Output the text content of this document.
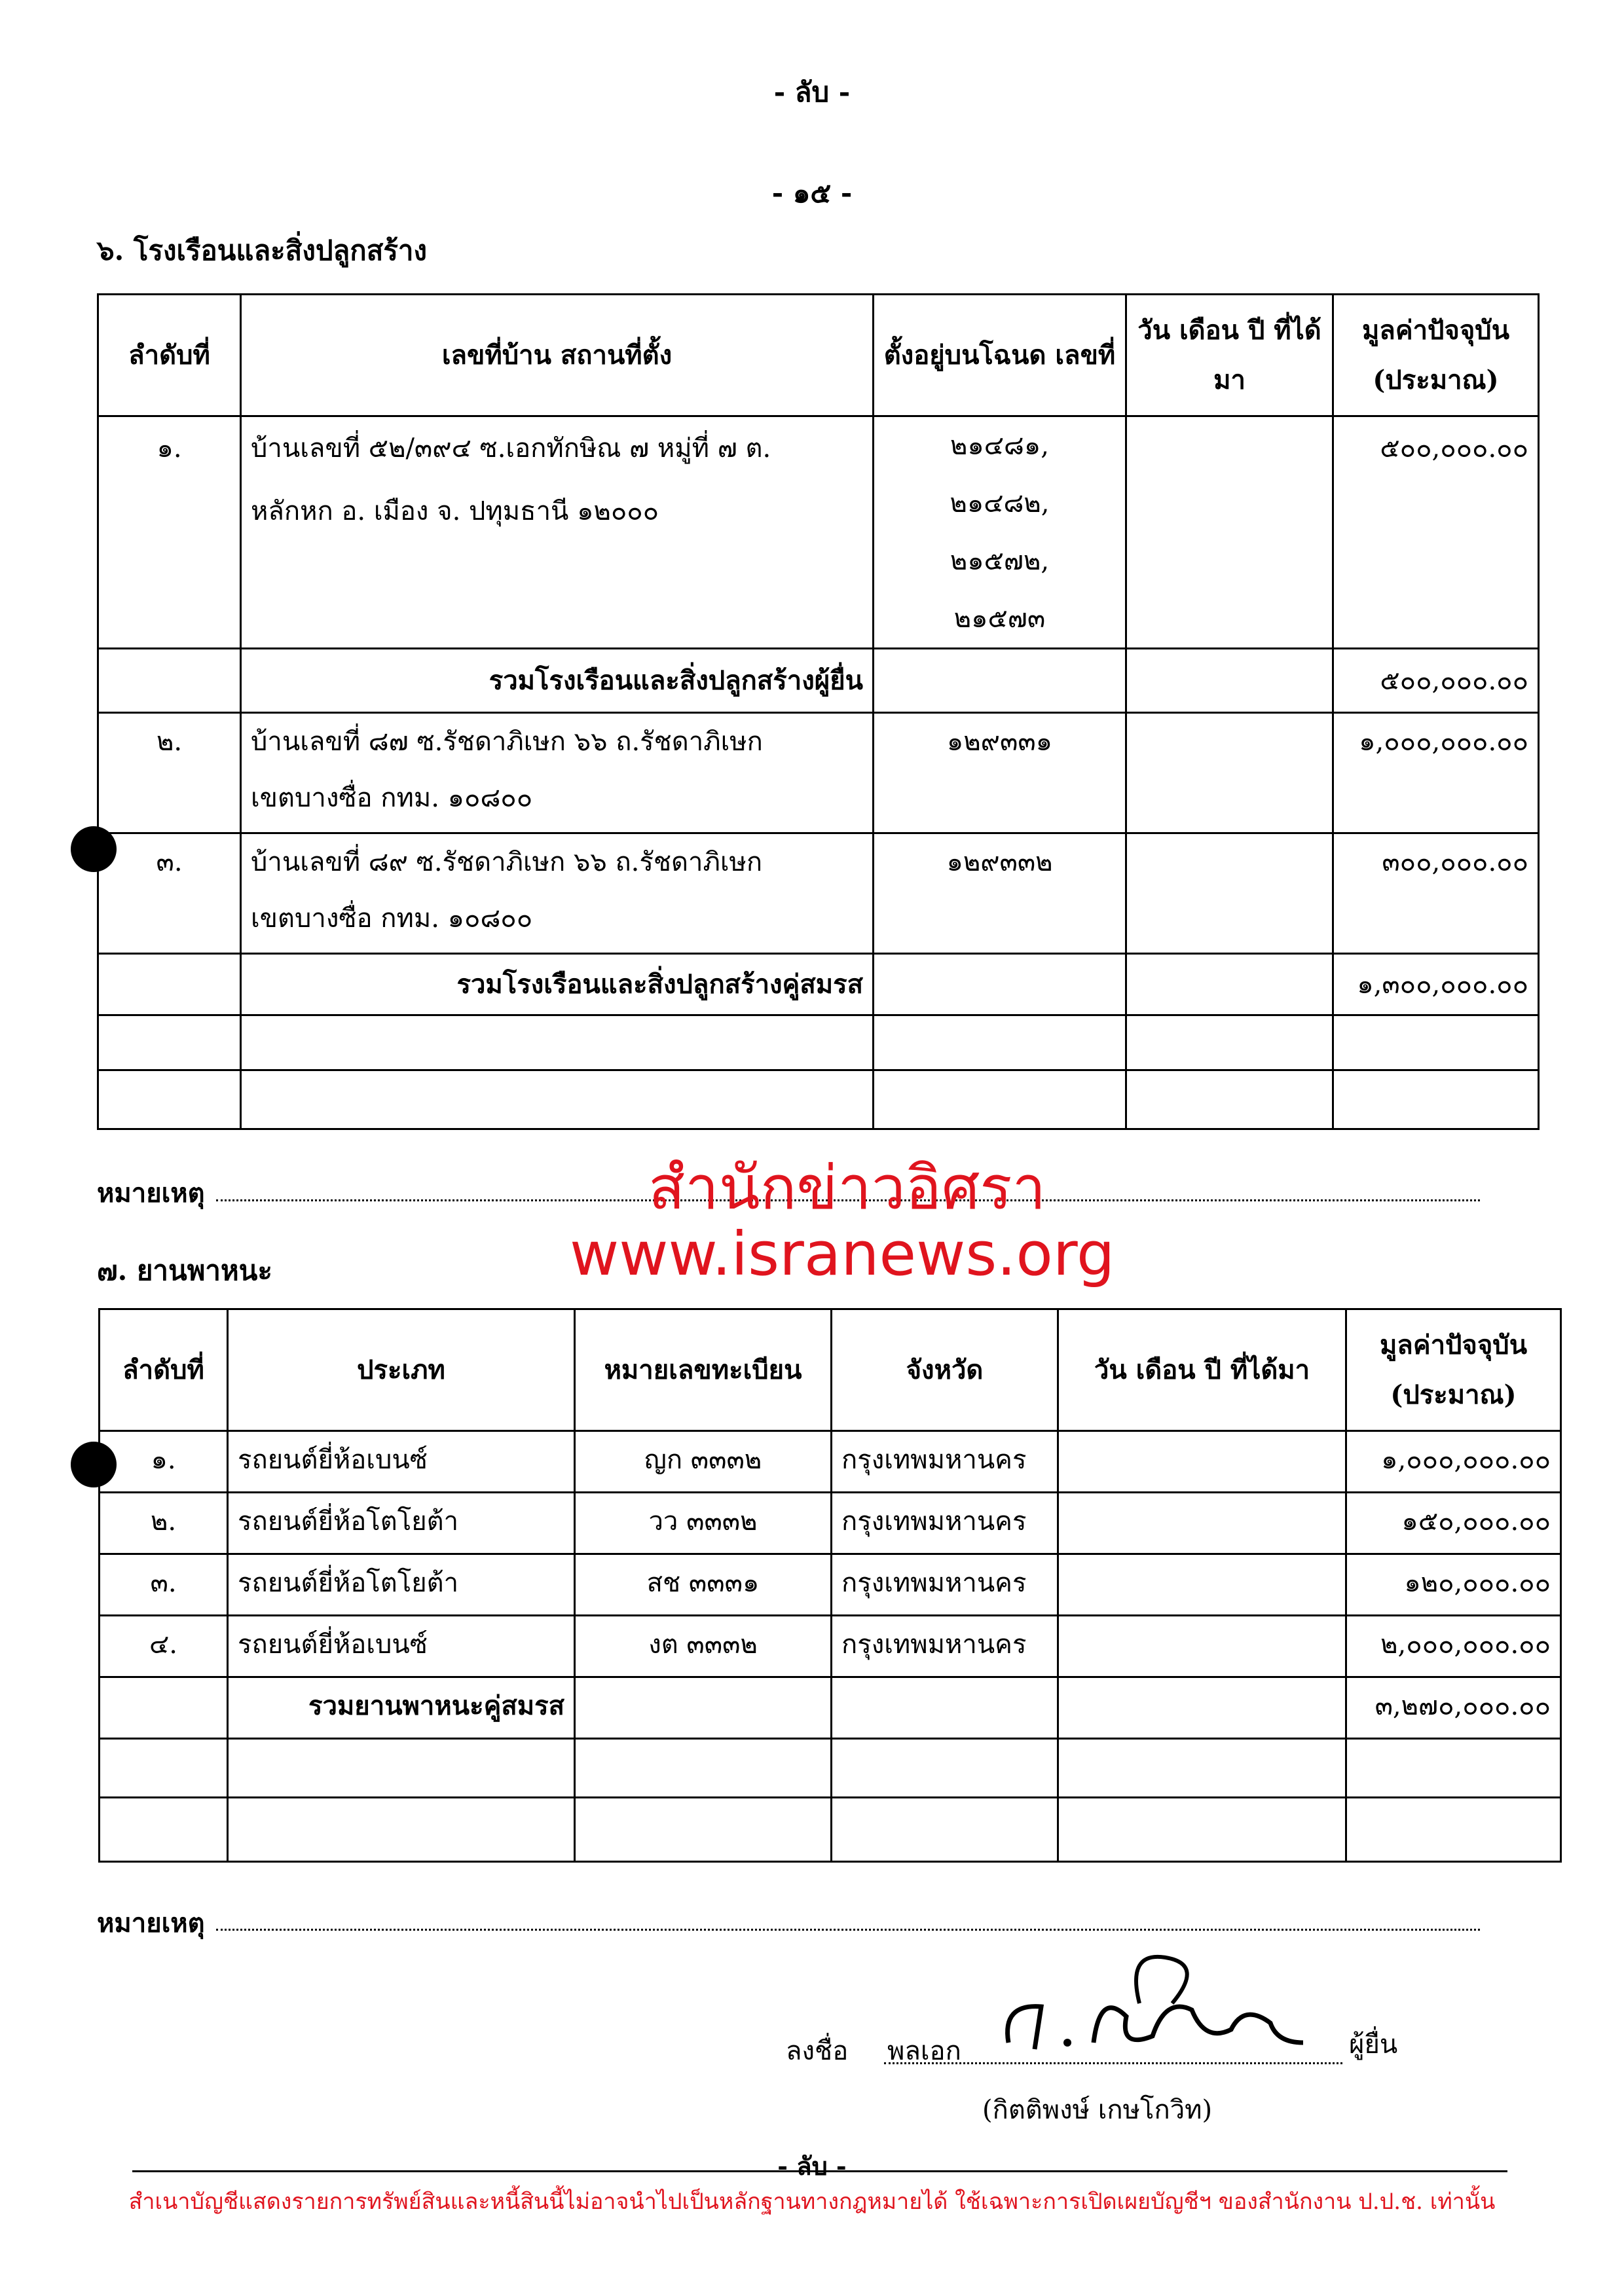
- ลับ -
- ๑๕ -
๖. โรงเรือนและสิ่งปลูกสร้าง
ลำดับที่	เลขที่บ้าน สถานที่ตั้ง	ตั้งอยู่บนโฉนด เลขที่	วัน เดือน ปี ที่ได้มา	มูลค่าปัจจุบัน (ประมาณ)
๑.	บ้านเลขที่ ๕๒/๓๙๔ ซ.เอกทักษิณ ๗ หมู่ที่ ๗ ต.
หลักหก อ. เมือง จ. ปทุมธานี ๑๒๐๐๐	๒๑๔๘๑,
๒๑๔๘๒,
๒๑๕๗๒,
๒๑๕๗๓		๕๐๐,๐๐๐.๐๐
	รวมโรงเรือนและสิ่งปลูกสร้างผู้ยื่น			๕๐๐,๐๐๐.๐๐
๒.	บ้านเลขที่ ๘๗ ซ.รัชดาภิเษก ๖๖ ถ.รัชดาภิเษก
เขตบางซื่อ กทม. ๑๐๘๐๐	๑๒๙๓๓๑		๑,๐๐๐,๐๐๐.๐๐
๓.	บ้านเลขที่ ๘๙ ซ.รัชดาภิเษก ๖๖ ถ.รัชดาภิเษก
เขตบางซื่อ กทม. ๑๐๘๐๐	๑๒๙๓๓๒		๓๐๐,๐๐๐.๐๐
	รวมโรงเรือนและสิ่งปลูกสร้างคู่สมรส			๑,๓๐๐,๐๐๐.๐๐

หมายเหตุ	สำนักข่าวอิศรา
www.isranews.org
๗. ยานพาหนะ
ลำดับที่	ประเภท	หมายเลขทะเบียน	จังหวัด	วัน เดือน ปี ที่ได้มา	มูลค่าปัจจุบัน (ประมาณ)
๑.	รถยนต์ยี่ห้อเบนซ์	ญก ๓๓๓๒	กรุงเทพมหานคร		๑,๐๐๐,๐๐๐.๐๐
๒.	รถยนต์ยี่ห้อโตโยต้า	วว ๓๓๓๒	กรุงเทพมหานคร		๑๕๐,๐๐๐.๐๐
๓.	รถยนต์ยี่ห้อโตโยต้า	สช ๓๓๓๑	กรุงเทพมหานคร		๑๒๐,๐๐๐.๐๐
๔.	รถยนต์ยี่ห้อเบนซ์	งต ๓๓๓๒	กรุงเทพมหานคร		๒,๐๐๐,๐๐๐.๐๐
	รวมยานพาหนะคู่สมรส				๓,๒๗๐,๐๐๐.๐๐

หมายเหตุ
ลงชื่อ พลเอก	ผู้ยื่น
(กิตติพงษ์ เกษโกวิท)
- ลับ -
สำเนาบัญชีแสดงรายการทรัพย์สินและหนี้สินนี้ไม่อาจนำไปเป็นหลักฐานทางกฎหมายได้ ใช้เฉพาะการเปิดเผยบัญชีฯ ของสำนักงาน ป.ป.ช. เท่านั้น
